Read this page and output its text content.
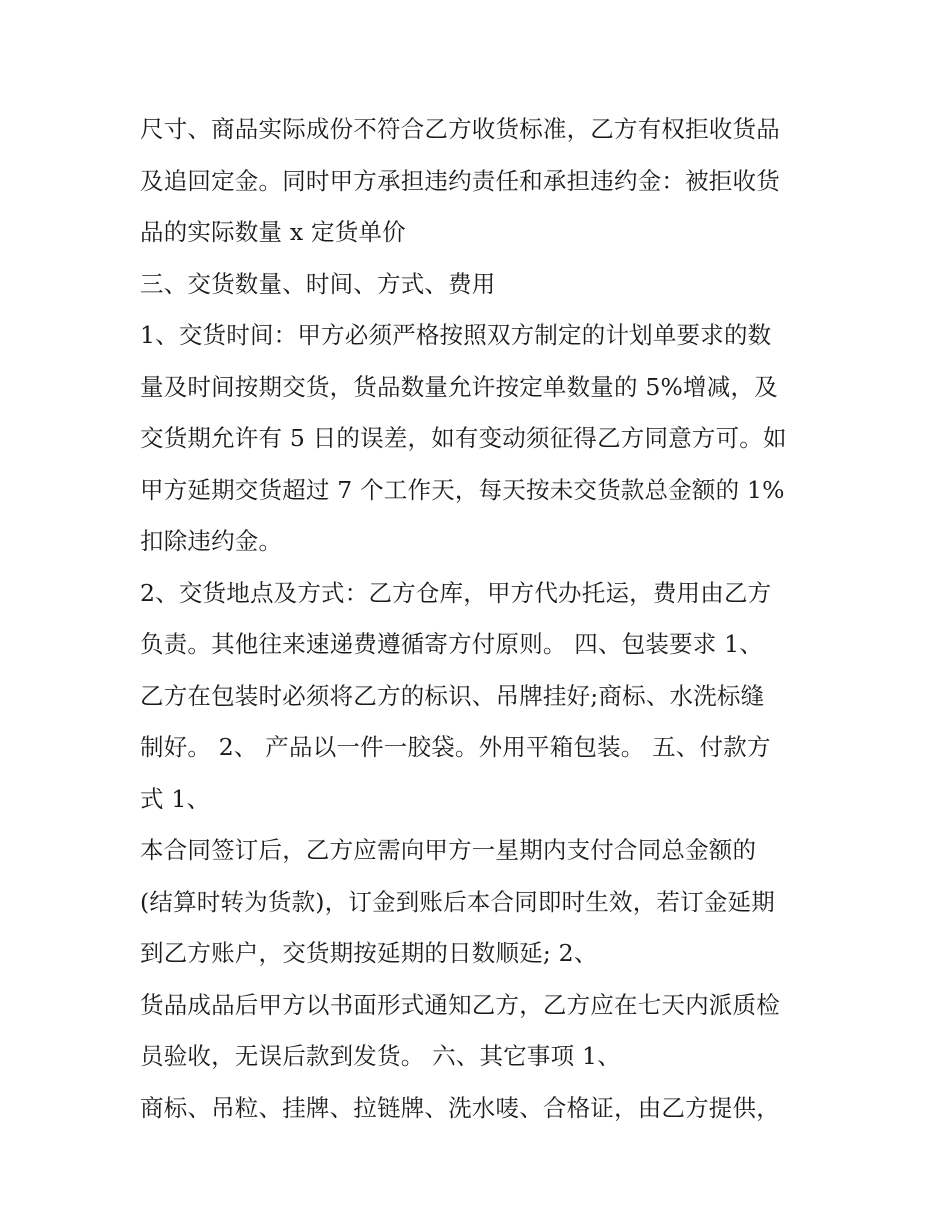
尺寸、商品实际成份不符合乙方收货标准，乙方有权拒收货品
及追回定金。同时甲方承担违约责任和承担违约金：被拒收货
品的实际数量 x 定货单价
三、交货数量、时间、方式、费用
1、交货时间：甲方必须严格按照双方制定的计划单要求的数
量及时间按期交货，货品数量允许按定单数量的 5%增减，及
交货期允许有 5 日的误差，如有变动须征得乙方同意方可。如
甲方延期交货超过 7 个工作天，每天按未交货款总金额的 1%
扣除违约金。
2、交货地点及方式：乙方仓库，甲方代办托运，费用由乙方
负责。其他往来速递费遵循寄方付原则。 四、包装要求 1、
乙方在包装时必须将乙方的标识、吊牌挂好;商标、水洗标缝
制好。 2、 产品以一件一胶袋。外用平箱包装。 五、付款方
式 1、
本合同签订后，乙方应需向甲方一星期内支付合同总金额的
(结算时转为货款)，订金到账后本合同即时生效，若订金延期
到乙方账户，交货期按延期的日数顺延; 2、
货品成品后甲方以书面形式通知乙方，乙方应在七天内派质检
员验收，无误后款到发货。 六、其它事项 1、
商标、吊粒、挂牌、拉链牌、洗水唛、合格证，由乙方提供，
